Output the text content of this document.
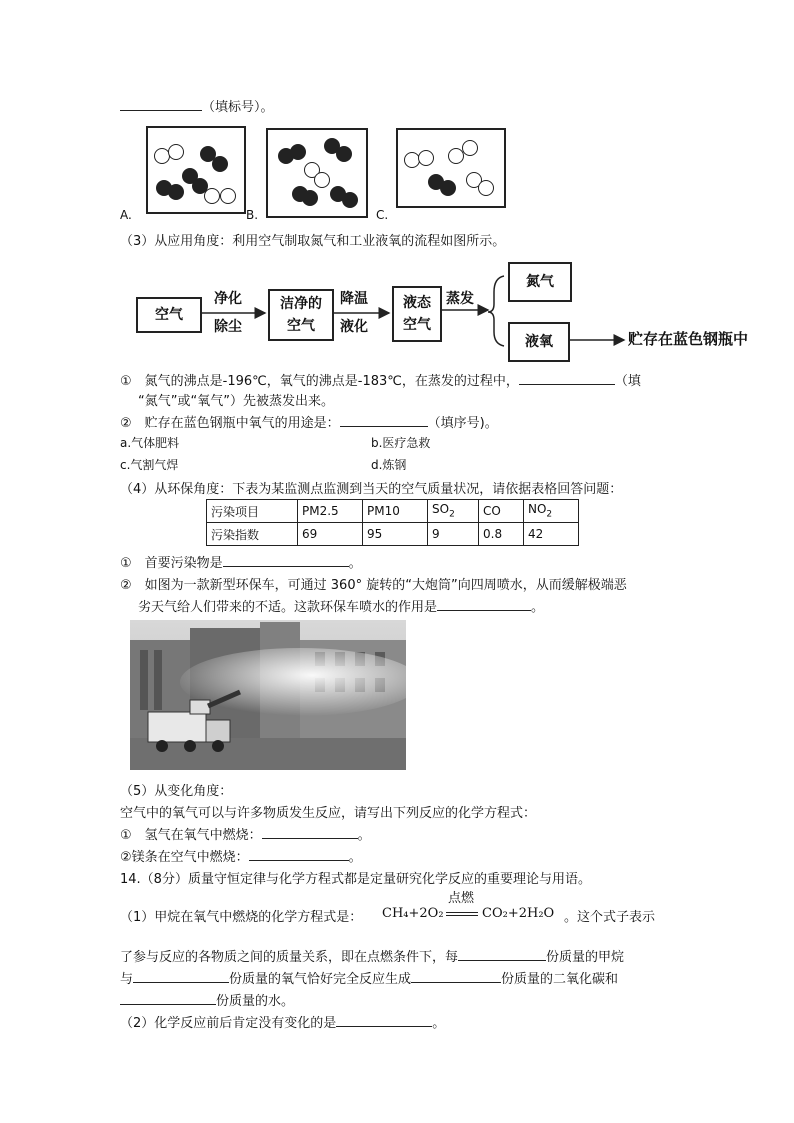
（填标号）。
A.	B.	C.
（3）从应用角度：利用空气制取氮气和工业液氧的流程如图所示。
空气
净化
除尘
洁净的
空气
降温
液化
液态
空气
蒸发
氮气
液氧	贮存在蓝色钢瓶中
①　氮气的沸点是-196℃，氧气的沸点是-183℃，在蒸发的过程中，	（填
“氮气”或“氧气”）先被蒸发出来。
②　贮存在蓝色钢瓶中氧气的用途是：	（填序号)。
a.气体肥料	b.医疗急救
c.气割气焊	d.炼钢
（4）从环保角度：下表为某监测点监测到当天的空气质量状况，请依据表格回答问题：
污染项目	PM2.5	PM10	$SO_2$	CO	$NO_2$
污染指数	69	95	9	0.8	42
①　首要污染物是	。
②　如图为一款新型环保车，可通过 360° 旋转的“大炮筒”向四周喷水，从而缓解极端恶
劣天气给人们带来的不适。这款环保车喷水的作用是	。
（5）从变化角度：
空气中的氧气可以与许多物质发生反应，请写出下列反应的化学方程式：
①　氢气在氧气中燃烧：	。
②镁条在空气中燃烧：	。
14.（8分）质量守恒定律与化学方程式都是定量研究化学反应的重要理论与用语。
（1）甲烷在氧气中燃烧的化学方程式是： CH₄+2O₂
点燃
CO₂+2H₂O 。这个式子表示
了参与反应的各物质之间的质量关系，即在点燃条件下，每	份质量的甲烷
与	份质量的氧气恰好完全反应生成	份质量的二氧化碳和
份质量的水。
（2）化学反应前后肯定没有变化的是	。
